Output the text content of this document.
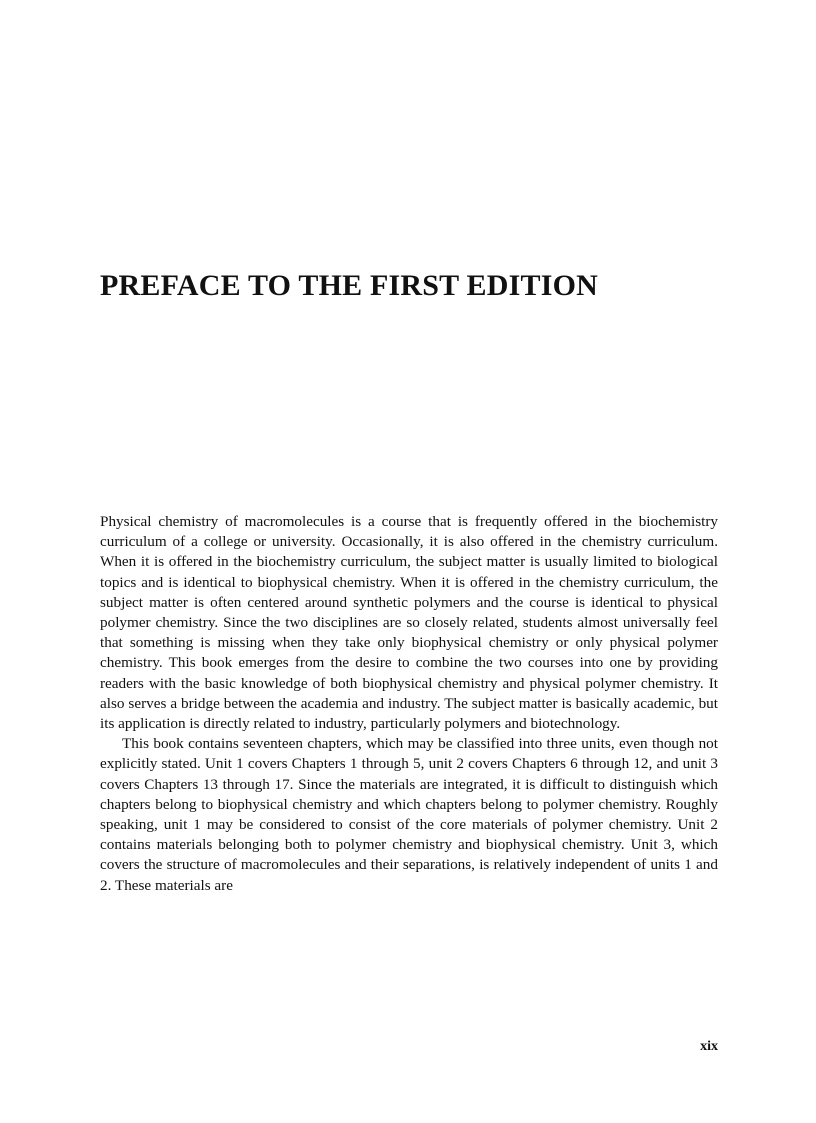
PREFACE TO THE FIRST EDITION

Physical chemistry of macromolecules is a course that is frequently offered in the biochemistry curriculum of a college or university. Occasionally, it is also offered in the chemistry curriculum. When it is offered in the biochemistry curriculum, the subject matter is usually limited to biological topics and is identical to biophysical chemistry. When it is offered in the chemistry curriculum, the subject matter is often centered around synthetic polymers and the course is identical to physical polymer chemistry. Since the two disciplines are so closely related, students almost universally feel that something is missing when they take only biophysical chemistry or only physical polymer chemistry. This book emerges from the desire to combine the two courses into one by providing readers with the basic knowledge of both biophysical chemistry and physical polymer chemistry. It also serves a bridge between the academia and industry. The subject matter is basically academic, but its application is directly related to industry, particularly polymers and biotechnology.

This book contains seventeen chapters, which may be classified into three units, even though not explicitly stated. Unit 1 covers Chapters 1 through 5, unit 2 covers Chapters 6 through 12, and unit 3 covers Chapters 13 through 17. Since the materials are integrated, it is difficult to distinguish which chapters belong to biophysical chemistry and which chapters belong to polymer chemistry. Roughly speaking, unit 1 may be considered to consist of the core materials of polymer chemistry. Unit 2 contains materials belonging both to polymer chemistry and biophysical chemistry. Unit 3, which covers the structure of macromolecules and their separations, is relatively independent of units 1 and 2. These materials are

xix
